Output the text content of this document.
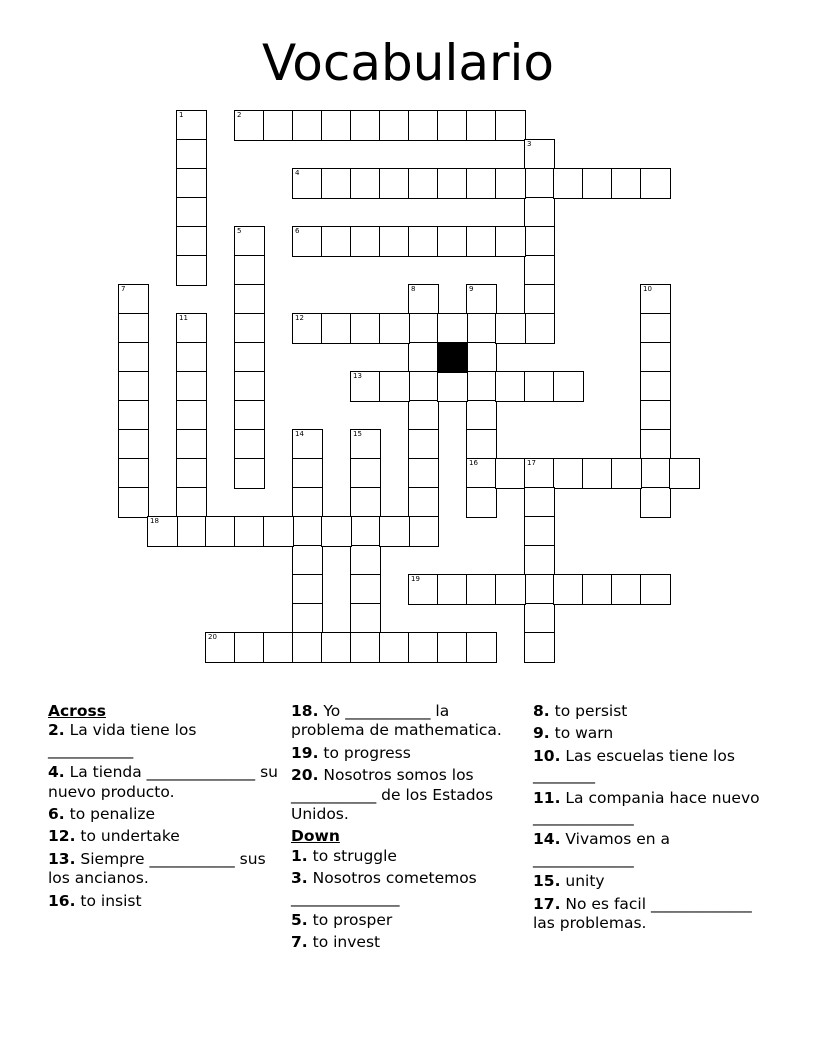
Vocabulario
1	2
3
4
5	6
7	8	9
16
10
11	12
13
14	15
17
18
19
20
Across
2. La vida tiene los ___________
4. La tienda ______________ su nuevo producto.
6. to penalize
12. to undertake
13. Siempre ___________ sus los ancianos.
16. to insist
18. Yo ___________ la problema de mathematica.
19. to progress
20. Nosotros somos los ___________ de los Estados Unidos.
Down
1. to struggle
3. Nosotros cometemos ______________
5. to prosper
7. to invest
8. to persist
9. to warn
10. Las escuelas tiene los ________
11. La compania hace nuevo _____________
14. Vivamos en a _____________
15. unity
17. No es facil _____________ las problemas.
